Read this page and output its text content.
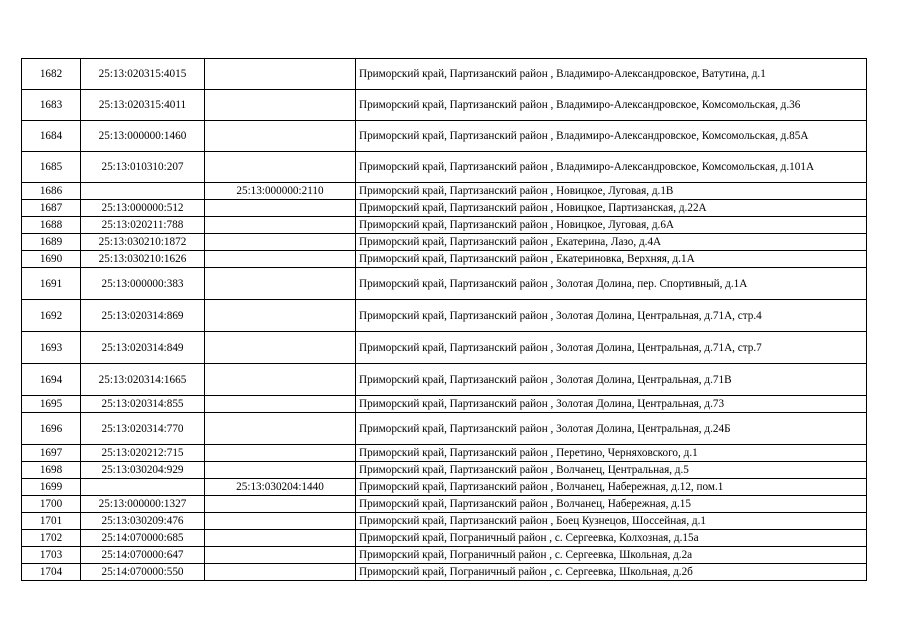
1682	25:13:020315:4015		Приморский край, Партизанский район , Владимиро-Александровское, Ватутина, д.1
1683	25:13:020315:4011		Приморский край, Партизанский район , Владимиро-Александровское, Комсомольская, д.36
1684	25:13:000000:1460		Приморский край, Партизанский район , Владимиро-Александровское, Комсомольская, д.85А
1685	25:13:010310:207		Приморский край, Партизанский район , Владимиро-Александровское, Комсомольская, д.101А
1686		25:13:000000:2110	Приморский край, Партизанский район , Новицкое, Луговая, д.1В
1687	25:13:000000:512		Приморский край, Партизанский район , Новицкое, Партизанская, д.22А
1688	25:13:020211:788		Приморский край, Партизанский район , Новицкое, Луговая, д.6А
1689	25:13:030210:1872		Приморский край, Партизанский район , Екатерина, Лазо, д.4А
1690	25:13:030210:1626		Приморский край, Партизанский район , Екатериновка, Верхняя, д.1А
1691	25:13:000000:383		Приморский край, Партизанский район , Золотая Долина, пер. Спортивный, д.1А
1692	25:13:020314:869		Приморский край, Партизанский район , Золотая Долина, Центральная, д.71А, стр.4
1693	25:13:020314:849		Приморский край, Партизанский район , Золотая Долина, Центральная, д.71А, стр.7
1694	25:13:020314:1665		Приморский край, Партизанский район , Золотая Долина, Центральная, д.71В
1695	25:13:020314:855		Приморский край, Партизанский район , Золотая Долина, Центральная, д.73
1696	25:13:020314:770		Приморский край, Партизанский район , Золотая Долина, Центральная, д.24Б
1697	25:13:020212:715		Приморский край, Партизанский район , Перетино, Черняховского, д.1
1698	25:13:030204:929		Приморский край, Партизанский район , Волчанец, Центральная, д.5
1699		25:13:030204:1440	Приморский край, Партизанский район , Волчанец, Набережная, д.12, пом.1
1700	25:13:000000:1327		Приморский край, Партизанский район , Волчанец, Набережная, д.15
1701	25:13:030209:476		Приморский край, Партизанский район , Боец Кузнецов, Шоссейная, д.1
1702	25:14:070000:685		Приморский край, Пограничный район , с. Сергеевка, Колхозная, д.15а
1703	25:14:070000:647		Приморский край, Пограничный район , с. Сергеевка, Школьная, д.2а
1704	25:14:070000:550		Приморский край, Пограничный район , с. Сергеевка, Школьная, д.2б
